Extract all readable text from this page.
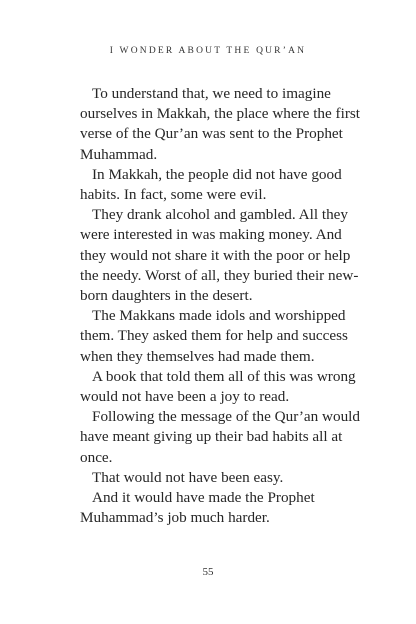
I WONDER ABOUT THE QUR’AN

To understand that, we need to imagine ourselves in Makkah, the place where the first verse of the Qur’an was sent to the Prophet Muhammad.

In Makkah, the people did not have good habits. In fact, some were evil.

They drank alcohol and gambled. All they were interested in was making money. And they would not share it with the poor or help the needy. Worst of all, they buried their new-born daughters in the desert.

The Makkans made idols and worshipped them. They asked them for help and success when they themselves had made them.

A book that told them all of this was wrong would not have been a joy to read.

Following the message of the Qur’an would have meant giving up their bad habits all at once.

That would not have been easy.

And it would have made the Prophet Muhammad’s job much harder.

55
